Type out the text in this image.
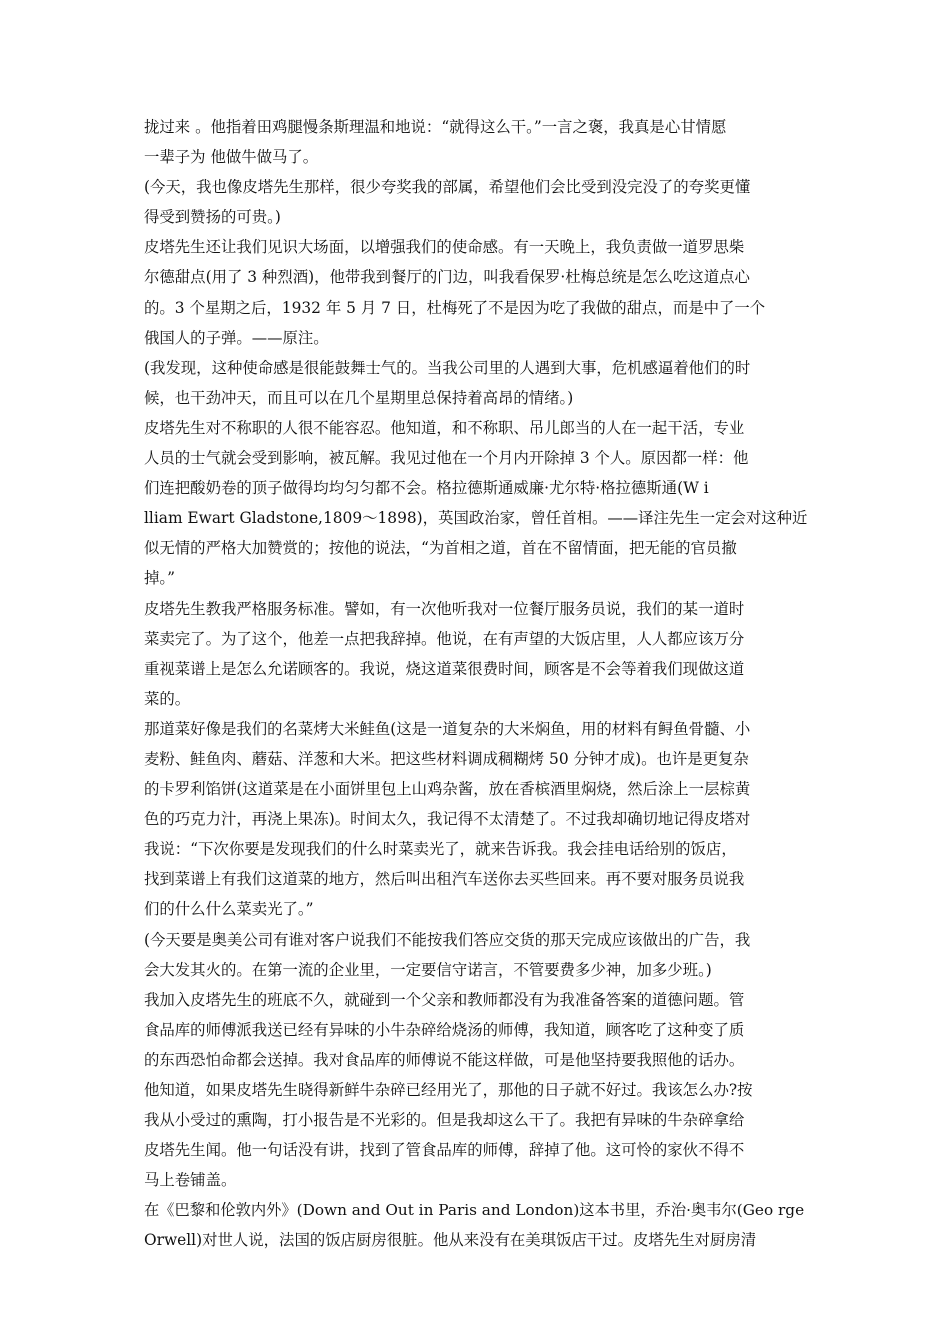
拢过来 。他指着田鸡腿慢条斯理温和地说：“就得这么干。”一言之褒，我真是心甘情愿
一辈子为 他做牛做马了。
(今天，我也像皮塔先生那样，很少夸奖我的部属，希望他们会比受到没完没了的夸奖更懂
得受到赞扬的可贵。)
皮塔先生还让我们见识大场面，以增强我们的使命感。有一天晚上，我负责做一道罗思柴
尔德甜点(用了 3 种烈酒)，他带我到餐厅的门边，叫我看保罗·杜梅总统是怎么吃这道点心
的。3 个星期之后，1932 年 5 月 7 日，杜梅死了不是因为吃了我做的甜点，而是中了一个
俄国人的子弹。——原注。
(我发现，这种使命感是很能鼓舞士气的。当我公司里的人遇到大事，危机感逼着他们的时
候，也干劲冲天，而且可以在几个星期里总保持着高昂的情绪。)
皮塔先生对不称职的人很不能容忍。他知道，和不称职、吊儿郎当的人在一起干活，专业
人员的士气就会受到影响，被瓦解。我见过他在一个月内开除掉 3 个人。原因都一样：他
们连把酸奶卷的顶子做得均均匀匀都不会。格拉德斯通威廉·尤尔特·格拉德斯通(W i
lliam Ewart Gladstone,1809～1898)，英国政治家，曾任首相。——译注先生一定会对这种近
似无情的严格大加赞赏的；按他的说法，“为首相之道，首在不留情面，把无能的官员撤
掉。”
皮塔先生教我严格服务标准。譬如，有一次他听我对一位餐厅服务员说，我们的某一道时
菜卖完了。为了这个，他差一点把我辞掉。他说，在有声望的大饭店里，人人都应该万分
重视菜谱上是怎么允诺顾客的。我说，烧这道菜很费时间，顾客是不会等着我们现做这道
菜的。
那道菜好像是我们的名菜烤大米鲑鱼(这是一道复杂的大米焖鱼，用的材料有鲟鱼骨髓、小
麦粉、鲑鱼肉、蘑菇、洋葱和大米。把这些材料调成稠糊烤 50 分钟才成)。也许是更复杂
的卡罗利馅饼(这道菜是在小面饼里包上山鸡杂酱，放在香槟酒里焖烧，然后涂上一层棕黄
色的巧克力汁，再浇上果冻)。时间太久，我记得不太清楚了。不过我却确切地记得皮塔对
我说：“下次你要是发现我们的什么时菜卖光了，就来告诉我。我会挂电话给别的饭店，
找到菜谱上有我们这道菜的地方，然后叫出租汽车送你去买些回来。再不要对服务员说我
们的什么什么菜卖光了。”
(今天要是奥美公司有谁对客户说我们不能按我们答应交货的那天完成应该做出的广告，我
会大发其火的。在第一流的企业里，一定要信守诺言，不管要费多少神，加多少班。)
我加入皮塔先生的班底不久，就碰到一个父亲和教师都没有为我准备答案的道德问题。管
食品库的师傅派我送已经有异味的小牛杂碎给烧汤的师傅，我知道，顾客吃了这种变了质
的东西恐怕命都会送掉。我对食品库的师傅说不能这样做，可是他坚持要我照他的话办。
他知道，如果皮塔先生晓得新鲜牛杂碎已经用光了，那他的日子就不好过。我该怎么办?按
我从小受过的熏陶，打小报告是不光彩的。但是我却这么干了。我把有异味的牛杂碎拿给
皮塔先生闻。他一句话没有讲，找到了管食品库的师傅，辞掉了他。这可怜的家伙不得不
马上卷铺盖。
在《巴黎和伦敦内外》(Down and Out in Paris and London)这本书里，乔治·奥韦尔(Geo rge
Orwell)对世人说，法国的饭店厨房很脏。他从来没有在美琪饭店干过。皮塔先生对厨房清
